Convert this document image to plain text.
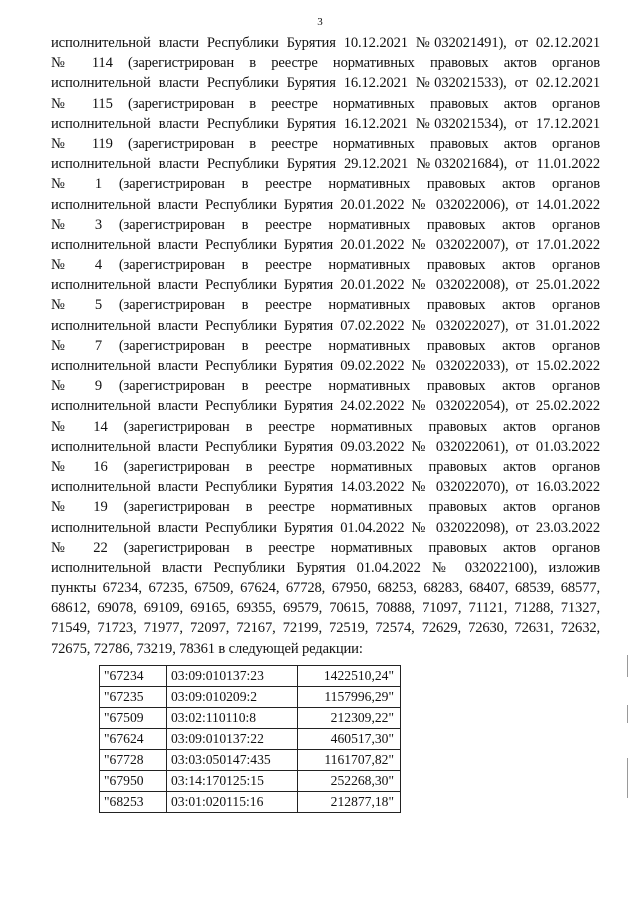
3
исполнительной власти Республики Бурятия 10.12.2021 №032021491), от 02.12.2021
№ 114 (зарегистрирован в реестре нормативных правовых актов органов
исполнительной власти Республики Бурятия 16.12.2021 №032021533), от 02.12.2021
№ 115 (зарегистрирован в реестре нормативных правовых актов органов
исполнительной власти Республики Бурятия 16.12.2021 №032021534), от 17.12.2021
№ 119 (зарегистрирован в реестре нормативных правовых актов органов
исполнительной власти Республики Бурятия 29.12.2021 №032021684), от 11.01.2022
№ 1 (зарегистрирован в реестре нормативных правовых актов органов
исполнительной власти Республики Бурятия 20.01.2022 № 032022006), от 14.01.2022
№ 3 (зарегистрирован в реестре нормативных правовых актов органов
исполнительной власти Республики Бурятия 20.01.2022 № 032022007), от 17.01.2022
№ 4 (зарегистрирован в реестре нормативных правовых актов органов
исполнительной власти Республики Бурятия 20.01.2022 № 032022008), от 25.01.2022
№ 5 (зарегистрирован в реестре нормативных правовых актов органов
исполнительной власти Республики Бурятия 07.02.2022 № 032022027), от 31.01.2022
№ 7 (зарегистрирован в реестре нормативных правовых актов органов
исполнительной власти Республики Бурятия 09.02.2022 № 032022033), от 15.02.2022
№ 9 (зарегистрирован в реестре нормативных правовых актов органов
исполнительной власти Республики Бурятия 24.02.2022 № 032022054), от 25.02.2022
№ 14 (зарегистрирован в реестре нормативных правовых актов органов
исполнительной власти Республики Бурятия 09.03.2022 № 032022061), от 01.03.2022
№ 16 (зарегистрирован в реестре нормативных правовых актов органов
исполнительной власти Республики Бурятия 14.03.2022 № 032022070), от 16.03.2022
№ 19 (зарегистрирован в реестре нормативных правовых актов органов
исполнительной власти Республики Бурятия 01.04.2022 № 032022098), от 23.03.2022
№ 22 (зарегистрирован в реестре нормативных правовых актов органов
исполнительной власти Республики Бурятия 01.04.2022 № 032022100), изложив
пункты 67234, 67235, 67509, 67624, 67728, 67950, 68253, 68283, 68407, 68539, 68577,
68612, 69078, 69109, 69165, 69355, 69579, 70615, 70888, 71097, 71121, 71288, 71327,
71549, 71723, 71977, 72097, 72167, 72199, 72519, 72574, 72629, 72630, 72631, 72632,
72675, 72786, 73219, 78361 в следующей редакции:
"67234	03:09:010137:23	1422510,24"
"67235	03:09:010209:2	1157996,29"
"67509	03:02:110110:8	212309,22"
"67624	03:09:010137:22	460517,30"
"67728	03:03:050147:435	1161707,82"
"67950	03:14:170125:15	252268,30"
"68253	03:01:020115:16	212877,18"
